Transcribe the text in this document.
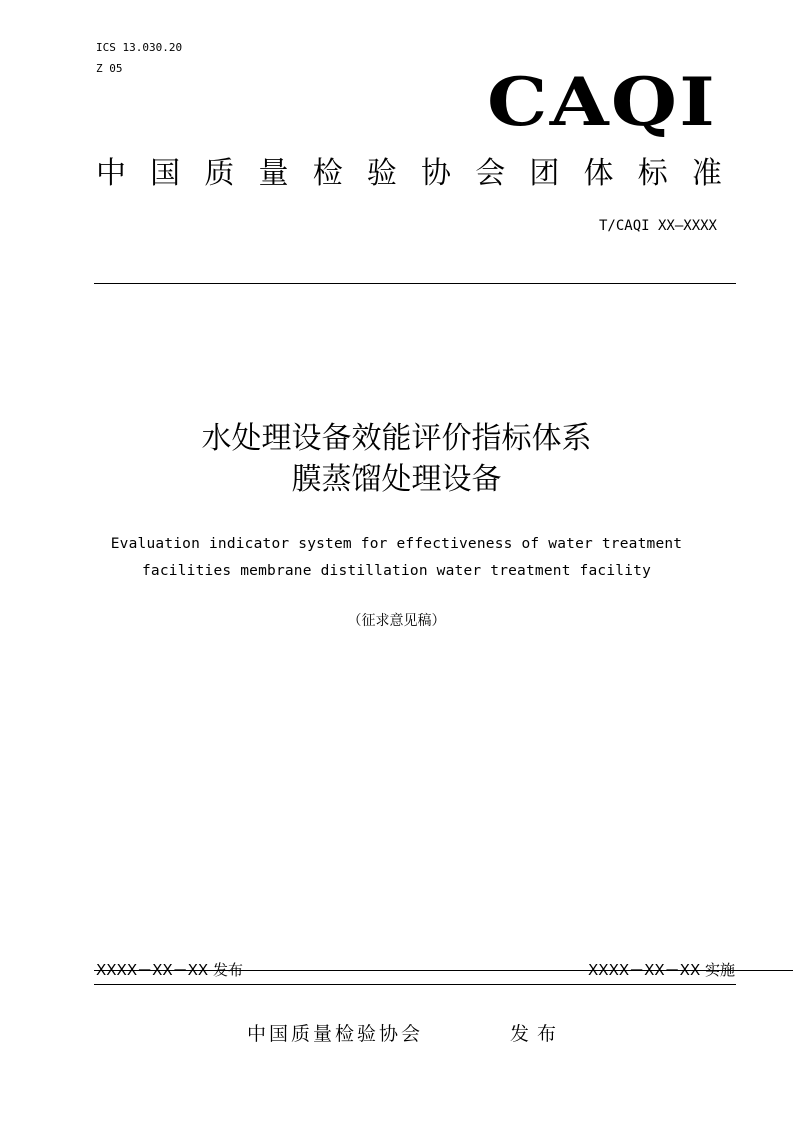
ICS 13.030.20
Z 05	CAQI
中 国 质 量 检 验 协 会 团 体 标 准
T/CAQI XX—XXXX
水处理设备效能评价指标体系
膜蒸馏处理设备
Evaluation indicator system for effectiveness of water treatment
facilities membrane distillation water treatment facility
（征求意见稿）
XXXX－XX－XX 发布	XXXX－XX－XX 实施
中国质量检验协会	发布
